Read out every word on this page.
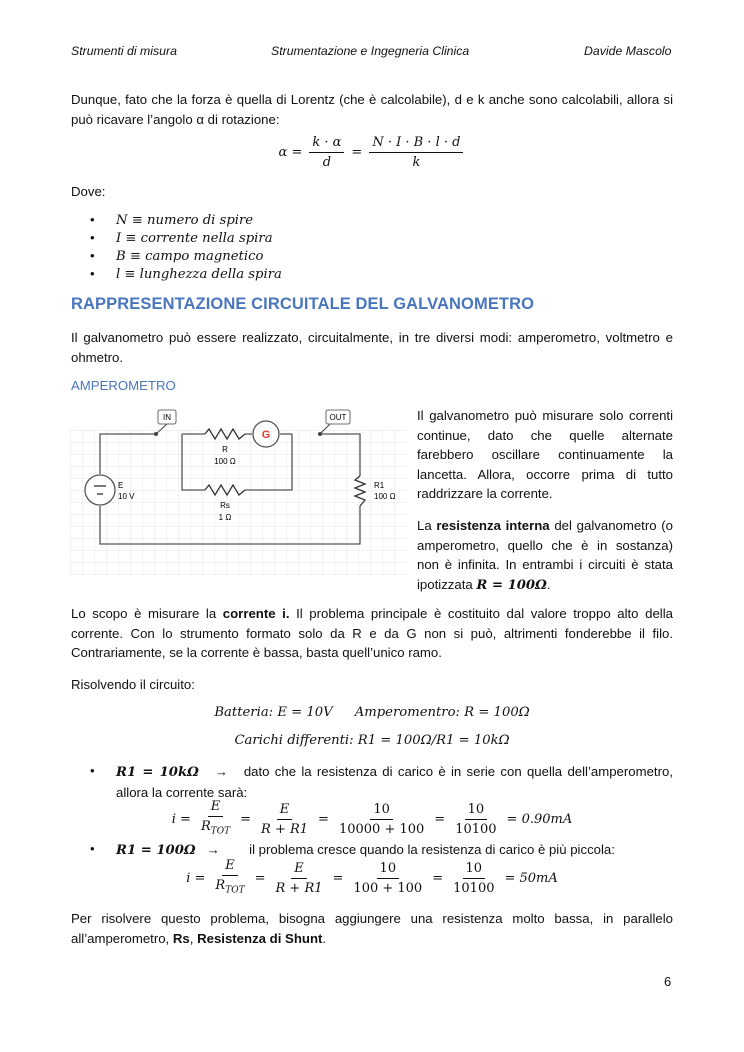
Strumenti di misura	Strumentazione e Ingegneria Clinica	Davide Mascolo
Dunque, fato che la forza è quella di Lorentz (che è calcolabile), d e k anche sono calcolabili, allora si può ricavare l’angolo α di rotazione:
$\alpha = \frac{k \cdot \alpha}{d} = \frac{N \cdot I \cdot B \cdot l \cdot d}{k}$
Dove:
• N ≡ numero di spire
• I ≡ corrente nella spira
• B ≡ campo magnetico
• l ≡ lunghezza della spira
RAPPRESENTAZIONE CIRCUITALE DEL GALVANOMETRO
Il galvanometro può essere realizzato, circuitalmente, in tre diversi modi: amperometro, voltmetro e ohmetro.
AMPEROMETRO
R
100 Ω
Rs
1 Ω
G
IN	OUT
E
10 V
R1
100 Ω
Il galvanometro può misurare solo correnti continue, dato che quelle alternate farebbero oscillare continuamente la lancetta. Allora, occorre prima di tutto raddrizzare la corrente.
La resistenza interna del galvanometro (o amperometro, quello che è in sostanza) non è infinita. In entrambi i circuiti è stata ipotizzata R = 100Ω.
Lo scopo è misurare la corrente i. Il problema principale è costituito dal valore troppo alto della corrente. Con lo strumento formato solo da R e da G non si può, altrimenti fonderebbe il filo. Contrariamente, se la corrente è bassa, basta quell’unico ramo.
Risolvendo il circuito:
Batteria: E = 10V Amperomentro: R = 100Ω
Carichi differenti: R1 = 100Ω/R1 = 10kΩ
• R1 = 10kΩ → dato che la resistenza di carico è in serie con quella dell’amperometro, allora la corrente sarà:
$i = \frac{E}{R_{TOT}} = \frac{E}{R + R1} = \frac{10}{10000 + 100} = \frac{10}{10100} = 0.90mA$
• R1 = 100Ω → il problema cresce quando la resistenza di carico è più piccola:
$i = \frac{E}{R_{TOT}} = \frac{E}{R + R1} = \frac{10}{100 + 100} = \frac{10}{10100} = 50mA$
Per risolvere questo problema, bisogna aggiungere una resistenza molto bassa, in parallelo all’amperometro, Rs, Resistenza di Shunt.
6
